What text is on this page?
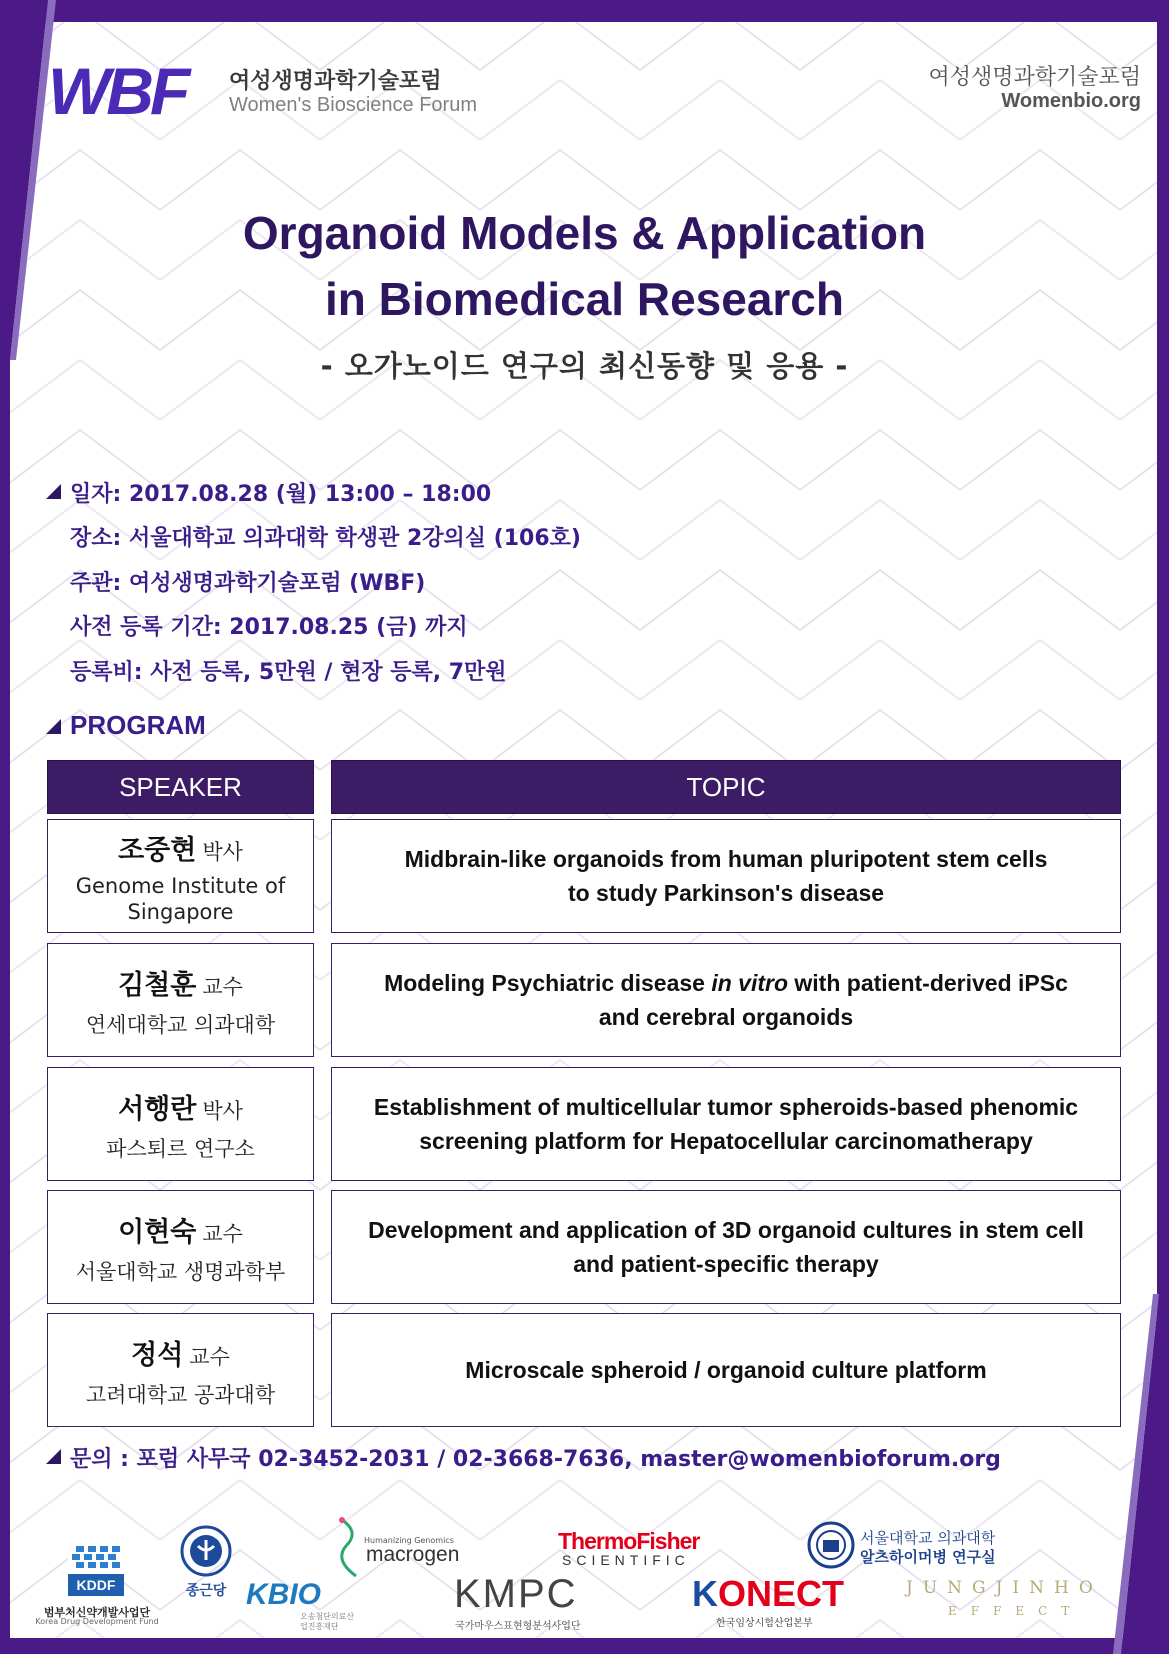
WBF 여성생명과학기술포럼
Women's Bioscience Forum
여성생명과학기술포럼
Womenbio.org
Organoid Models & Application
in Biomedical Research
- 오가노이드 연구의 최신동향 및 응용 -
일자: 2017.08.28 (월) 13:00 – 18:00
장소: 서울대학교 의과대학 학생관 2강의실 (106호)
주관: 여성생명과학기술포럼 (WBF)
사전 등록 기간: 2017.08.25 (금) 까지
등록비: 사전 등록, 5만원 / 현장 등록, 7만원
PROGRAM
SPEAKER	TOPIC
조중현 박사
Genome Institute of Singapore
Midbrain-like organoids from human pluripotent stem cells
to study Parkinson's disease
김철훈 교수
연세대학교 의과대학
Modeling Psychiatric disease in vitro with patient-derived iPSc
and cerebral organoids
서행란 박사
파스퇴르 연구소
Establishment of multicellular tumor spheroids-based phenomic
screening platform for Hepatocellular carcinomatherapy
이현숙 교수
서울대학교 생명과학부
Development and application of 3D organoid cultures in stem cell
and patient-specific therapy
정석 교수
고려대학교 공과대학
Microscale spheroid / organoid culture platform
문의 : 포럼 사무국 02-3452-2031 / 02-3668-7636, master@womenbioforum.org
KDDF
범부처신약개발사업단
Korea Drug Development Fund
종근당 KBIO
오송첨단의료산업진흥재단
Humanizing Genomics
macrogen
ThermoFisher
SCIENTIFIC
KMPC
국가마우스표현형분석사업단
KONECT
한국임상시험산업본부
서울대학교 의과대학
알츠하이머병 연구실
JUNGJINHO
EFFECT
